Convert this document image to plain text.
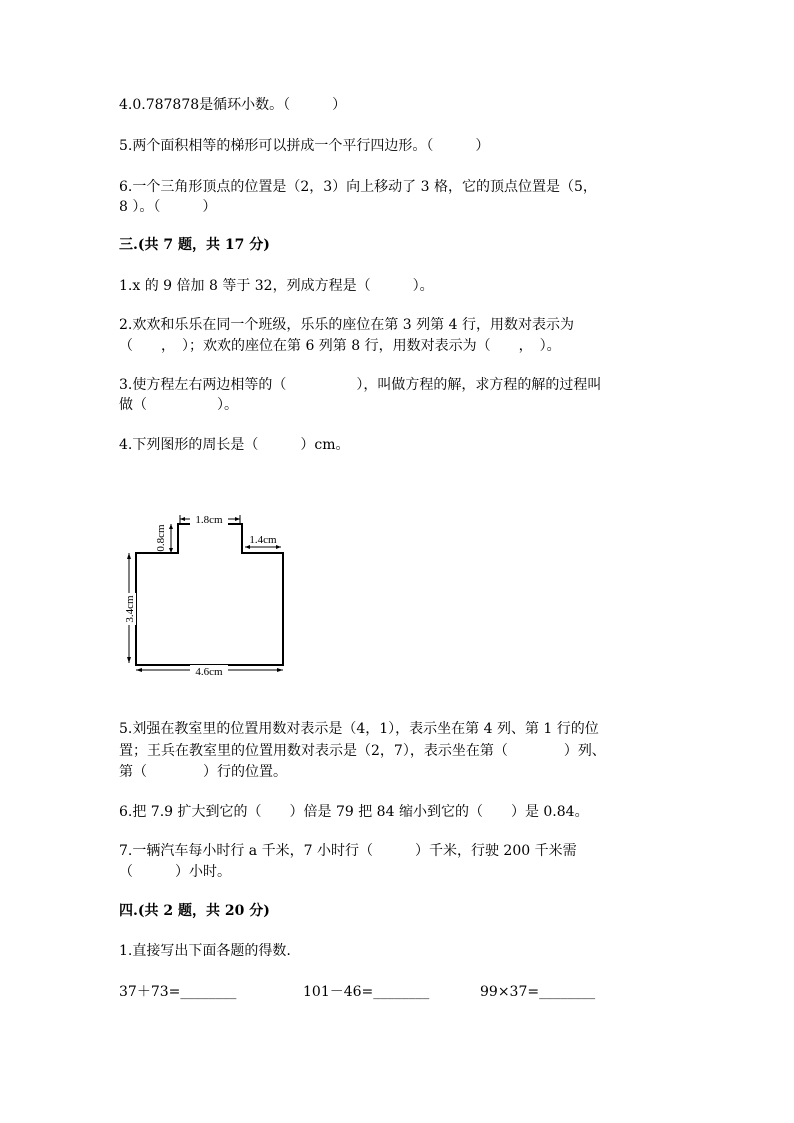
4.0.787878是循环小数。（　　　）
5.两个面积相等的梯形可以拼成一个平行四边形。（　　　）
6.一个三角形顶点的位置是（2，3）向上移动了 3 格，它的顶点位置是（5，
8 ）。（　　　）
三.(共 7 题，共 17 分)
1.x 的 9 倍加 8 等于 32，列成方程是（　　　）。
2.欢欢和乐乐在同一个班级，乐乐的座位在第 3 列第 4 行，用数对表示为
（　　，　）；欢欢的座位在第 6 列第 8 行，用数对表示为（　　，　）。
3.使方程左右两边相等的（　　　　　），叫做方程的解，求方程的解的过程叫
做（　　　　　）。
4.下列图形的周长是（　　　）cm。
1.8cm
0.8cm	1.4cm
3.4cm
4.6cm
5.刘强在教室里的位置用数对表示是（4，1），表示坐在第 4 列、第 1 行的位
置；王兵在教室里的位置用数对表示是（2，7），表示坐在第（　　　　）列、
第（　　　　）行的位置。
6.把 7.9 扩大到它的（　　）倍是 79 把 84 缩小到它的（　　）是 0.84。
7.一辆汽车每小时行 a 千米，7 小时行（　　　）千米，行驶 200 千米需
（　　　）小时。
四.(共 2 题，共 20 分)
1.直接写出下面各题的得数.
37＋73=________	101－46=________	99×37=________
